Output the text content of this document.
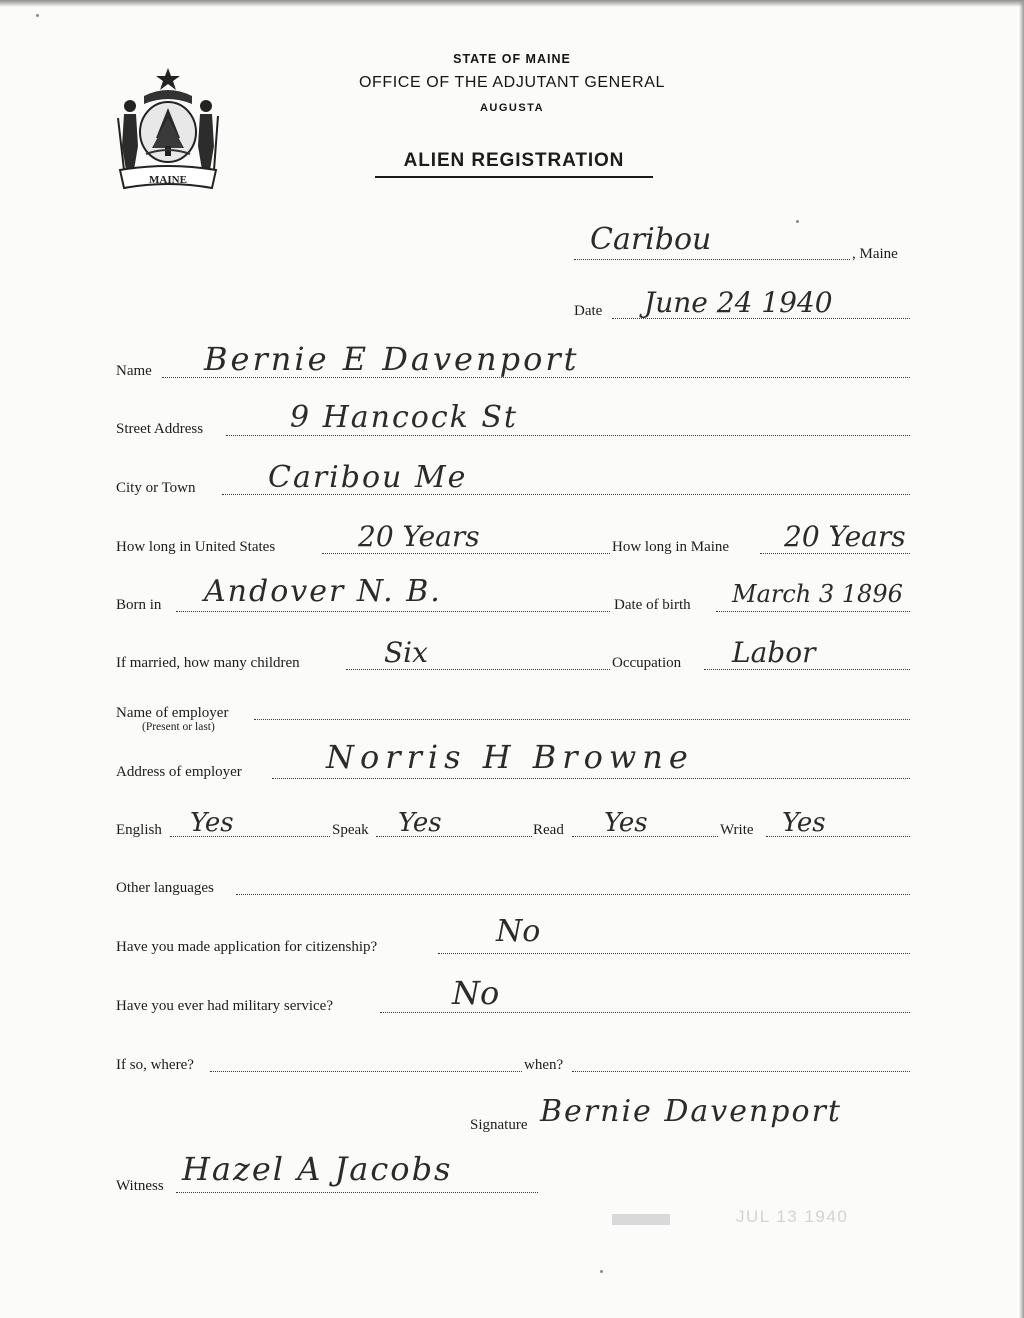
MAINE
STATE OF MAINE
OFFICE OF THE ADJUTANT GENERAL
AUGUSTA
ALIEN REGISTRATION
Caribou	, Maine
Date June 24 1940
Name Bernie E Davenport
Street Address	9 Hancock St
City or Town Caribou Me
How long in United States	20 Years	How long in Maine 20 Years
Born in Andover N. B.	Date of birth March 3 1896
If married, how many children	Six	Occupation Labor
Name of employer
(Present or last)
Address of employer	Norris H Browne
English Yes	Speak Yes	Read Yes	Write Yes
Other languages
Have you made application for citizenship?	No
Have you ever had military service?	No
If so, where?	when?
Signature Bernie Davenport
Witness Hazel A Jacobs
JUL 13 1940
